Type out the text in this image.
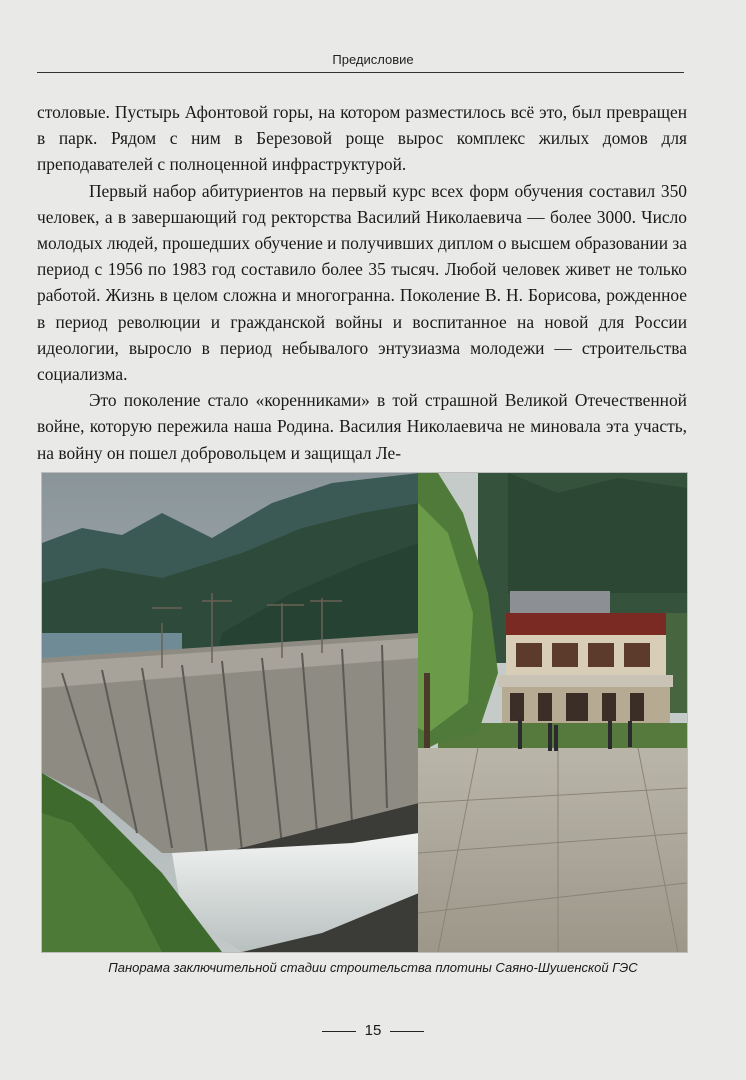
Предисловие

столовые. Пустырь Афонтовой горы, на котором разместилось всё это, был превращен в парк. Рядом с ним в Березовой роще вырос комплекс жилых домов для преподавателей с полноценной инфраструктурой.

Первый набор абитуриентов на первый курс всех форм обучения составил 350 человек, а в завершающий год ректорства Василий Николаевича — более 3000. Число молодых людей, прошедших обучение и получивших диплом о высшем образовании за период с 1956 по 1983 год составило более 35 тысяч. Любой человек живет не только работой. Жизнь в целом сложна и многогранна. Поколение В. Н. Борисова, рожденное в период революции и гражданской войны и воспитанное на новой для России идеологии, выросло в период небывалого энтузиазма молодежи — строительства социализма.

Это поколение стало «коренниками» в той страшной Великой Отечественной войне, которую пережила наша Родина. Василия Николаевича не миновала эта участь, на войну он пошел добровольцем и защищал Ле-

Панорама заключительной стадии строительства плотины Саяно-Шушенской ГЭС
15
